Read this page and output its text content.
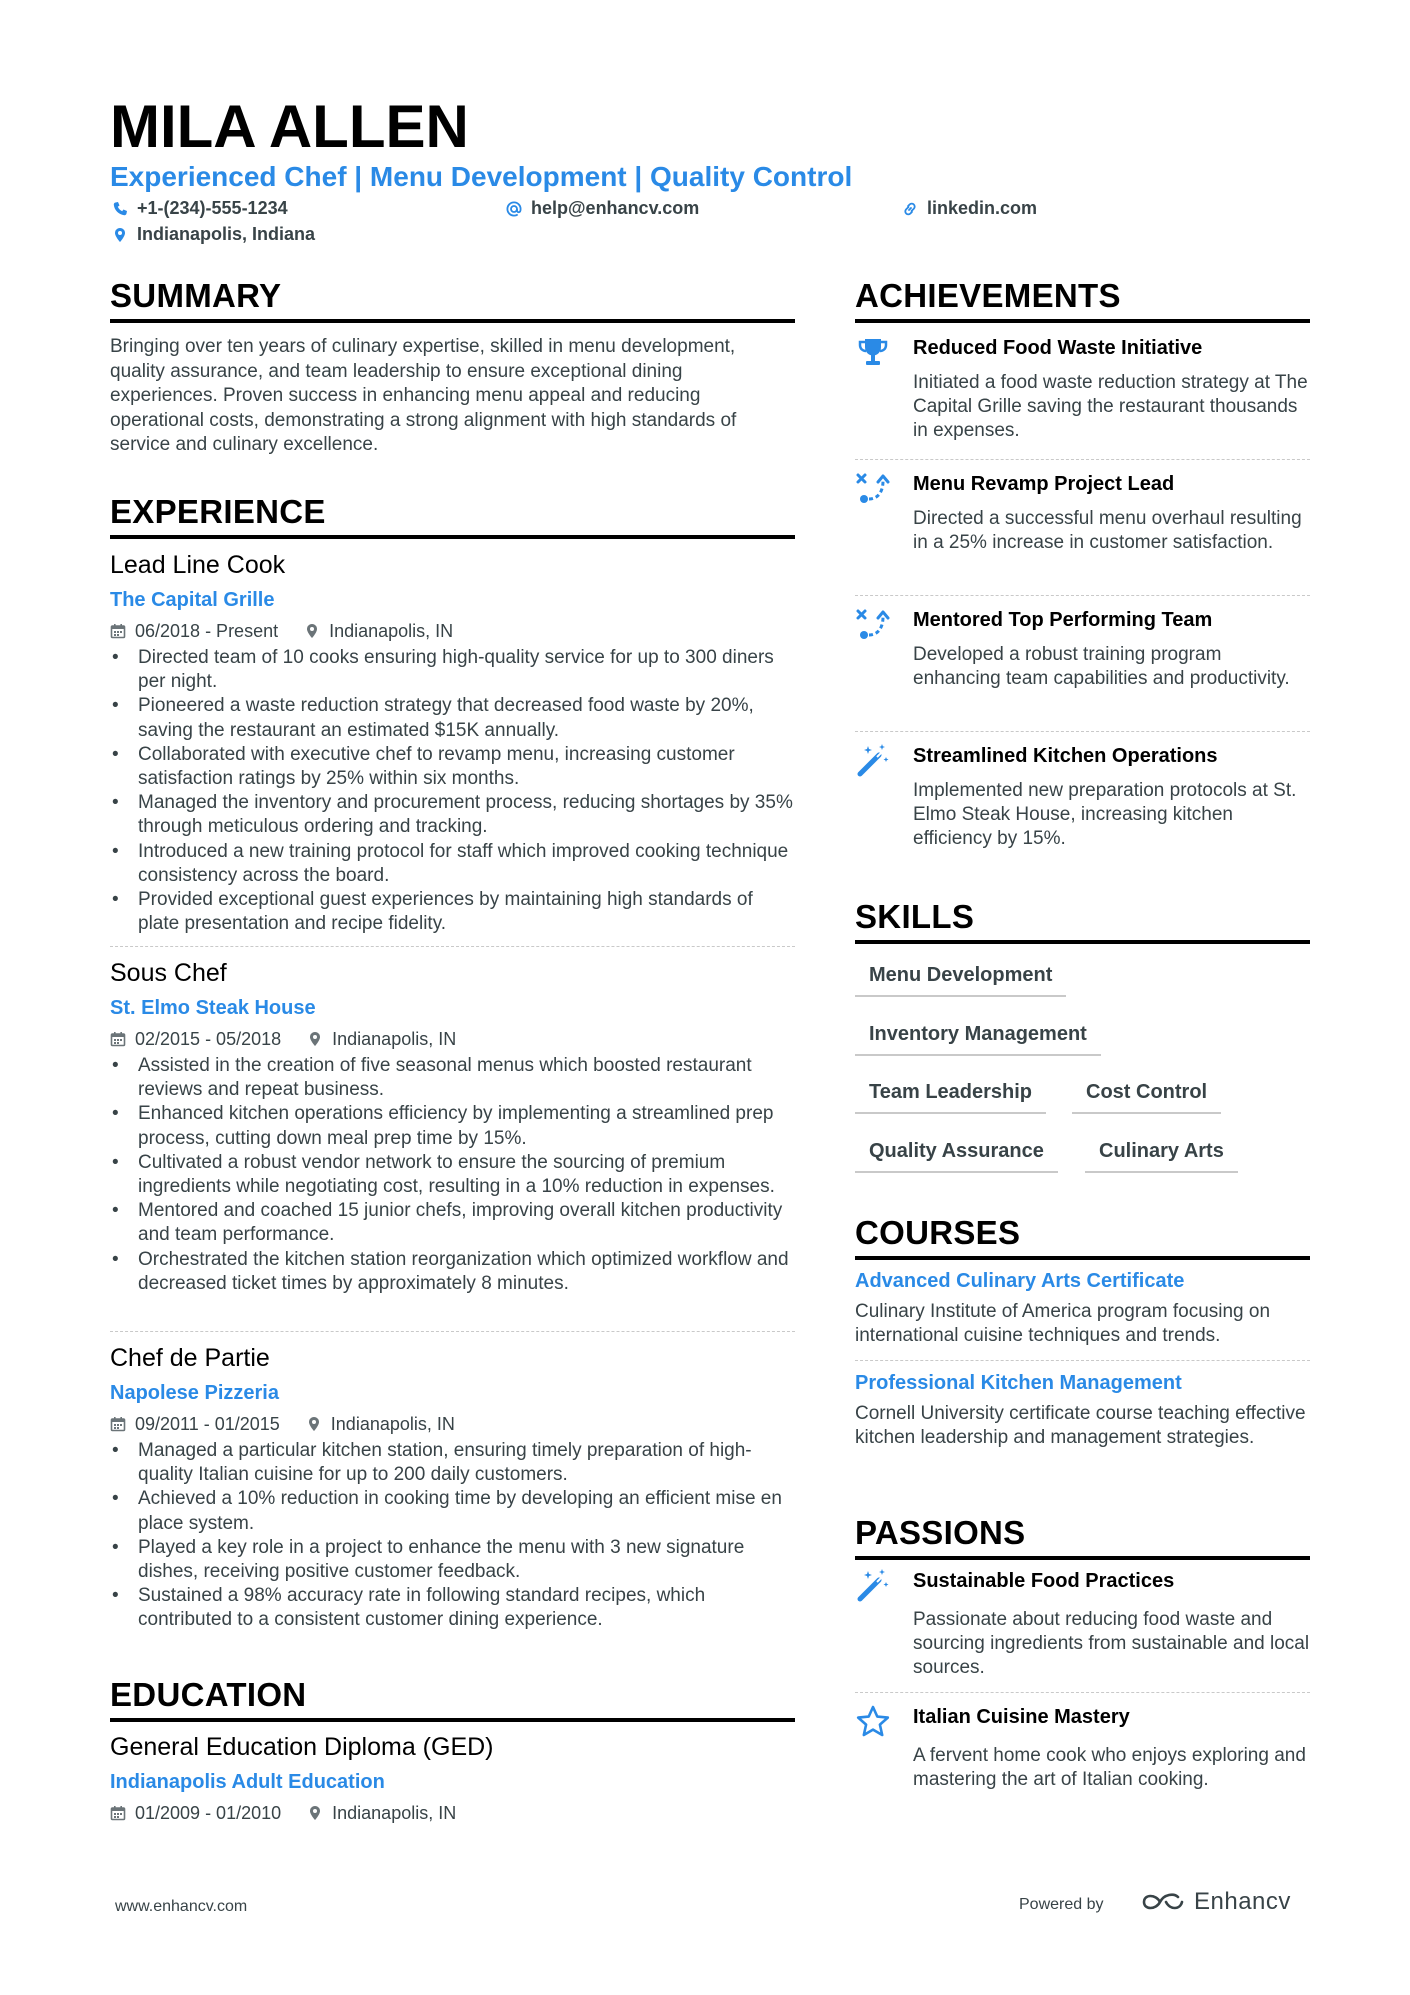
MILA ALLEN
Experienced Chef | Menu Development | Quality Control
+1-(234)-555-1234	help@enhancv.com	linkedin.com
Indianapolis, Indiana
SUMMARY
Bringing over ten years of culinary expertise, skilled in menu development, quality assurance, and team leadership to ensure exceptional dining experiences. Proven success in enhancing menu appeal and reducing operational costs, demonstrating a strong alignment with high standards of service and culinary excellence.
EXPERIENCE
Lead Line Cook
The Capital Grille
06/2018 - Present	Indianapolis, IN
• Directed team of 10 cooks ensuring high-quality service for up to 300 diners per night.
• Pioneered a waste reduction strategy that decreased food waste by 20%, saving the restaurant an estimated $15K annually.
• Collaborated with executive chef to revamp menu, increasing customer satisfaction ratings by 25% within six months.
• Managed the inventory and procurement process, reducing shortages by 35% through meticulous ordering and tracking.
• Introduced a new training protocol for staff which improved cooking technique consistency across the board.
• Provided exceptional guest experiences by maintaining high standards of plate presentation and recipe fidelity.
Sous Chef
St. Elmo Steak House
02/2015 - 05/2018	Indianapolis, IN
• Assisted in the creation of five seasonal menus which boosted restaurant reviews and repeat business.
• Enhanced kitchen operations efficiency by implementing a streamlined prep process, cutting down meal prep time by 15%.
• Cultivated a robust vendor network to ensure the sourcing of premium ingredients while negotiating cost, resulting in a 10% reduction in expenses.
• Mentored and coached 15 junior chefs, improving overall kitchen productivity and team performance.
• Orchestrated the kitchen station reorganization which optimized workflow and decreased ticket times by approximately 8 minutes.
Chef de Partie
Napolese Pizzeria
09/2011 - 01/2015	Indianapolis, IN
• Managed a particular kitchen station, ensuring timely preparation of high-quality Italian cuisine for up to 200 daily customers.
• Achieved a 10% reduction in cooking time by developing an efficient mise en place system.
• Played a key role in a project to enhance the menu with 3 new signature dishes, receiving positive customer feedback.
• Sustained a 98% accuracy rate in following standard recipes, which contributed to a consistent customer dining experience.
EDUCATION
General Education Diploma (GED)
Indianapolis Adult Education
01/2009 - 01/2010	Indianapolis, IN
ACHIEVEMENTS
Reduced Food Waste Initiative
Initiated a food waste reduction strategy at The Capital Grille saving the restaurant thousands in expenses.
Menu Revamp Project Lead
Directed a successful menu overhaul resulting in a 25% increase in customer satisfaction.
Mentored Top Performing Team
Developed a robust training program enhancing team capabilities and productivity.
Streamlined Kitchen Operations
Implemented new preparation protocols at St. Elmo Steak House, increasing kitchen efficiency by 15%.
SKILLS
Menu Development
Inventory Management
Team Leadership	Cost Control
Quality Assurance	Culinary Arts
COURSES
Advanced Culinary Arts Certificate
Culinary Institute of America program focusing on international cuisine techniques and trends.
Professional Kitchen Management
Cornell University certificate course teaching effective kitchen leadership and management strategies.
PASSIONS
Sustainable Food Practices
Passionate about reducing food waste and sourcing ingredients from sustainable and local sources.
Italian Cuisine Mastery
A fervent home cook who enjoys exploring and mastering the art of Italian cooking.
www.enhancv.com	Powered by	Enhancv
